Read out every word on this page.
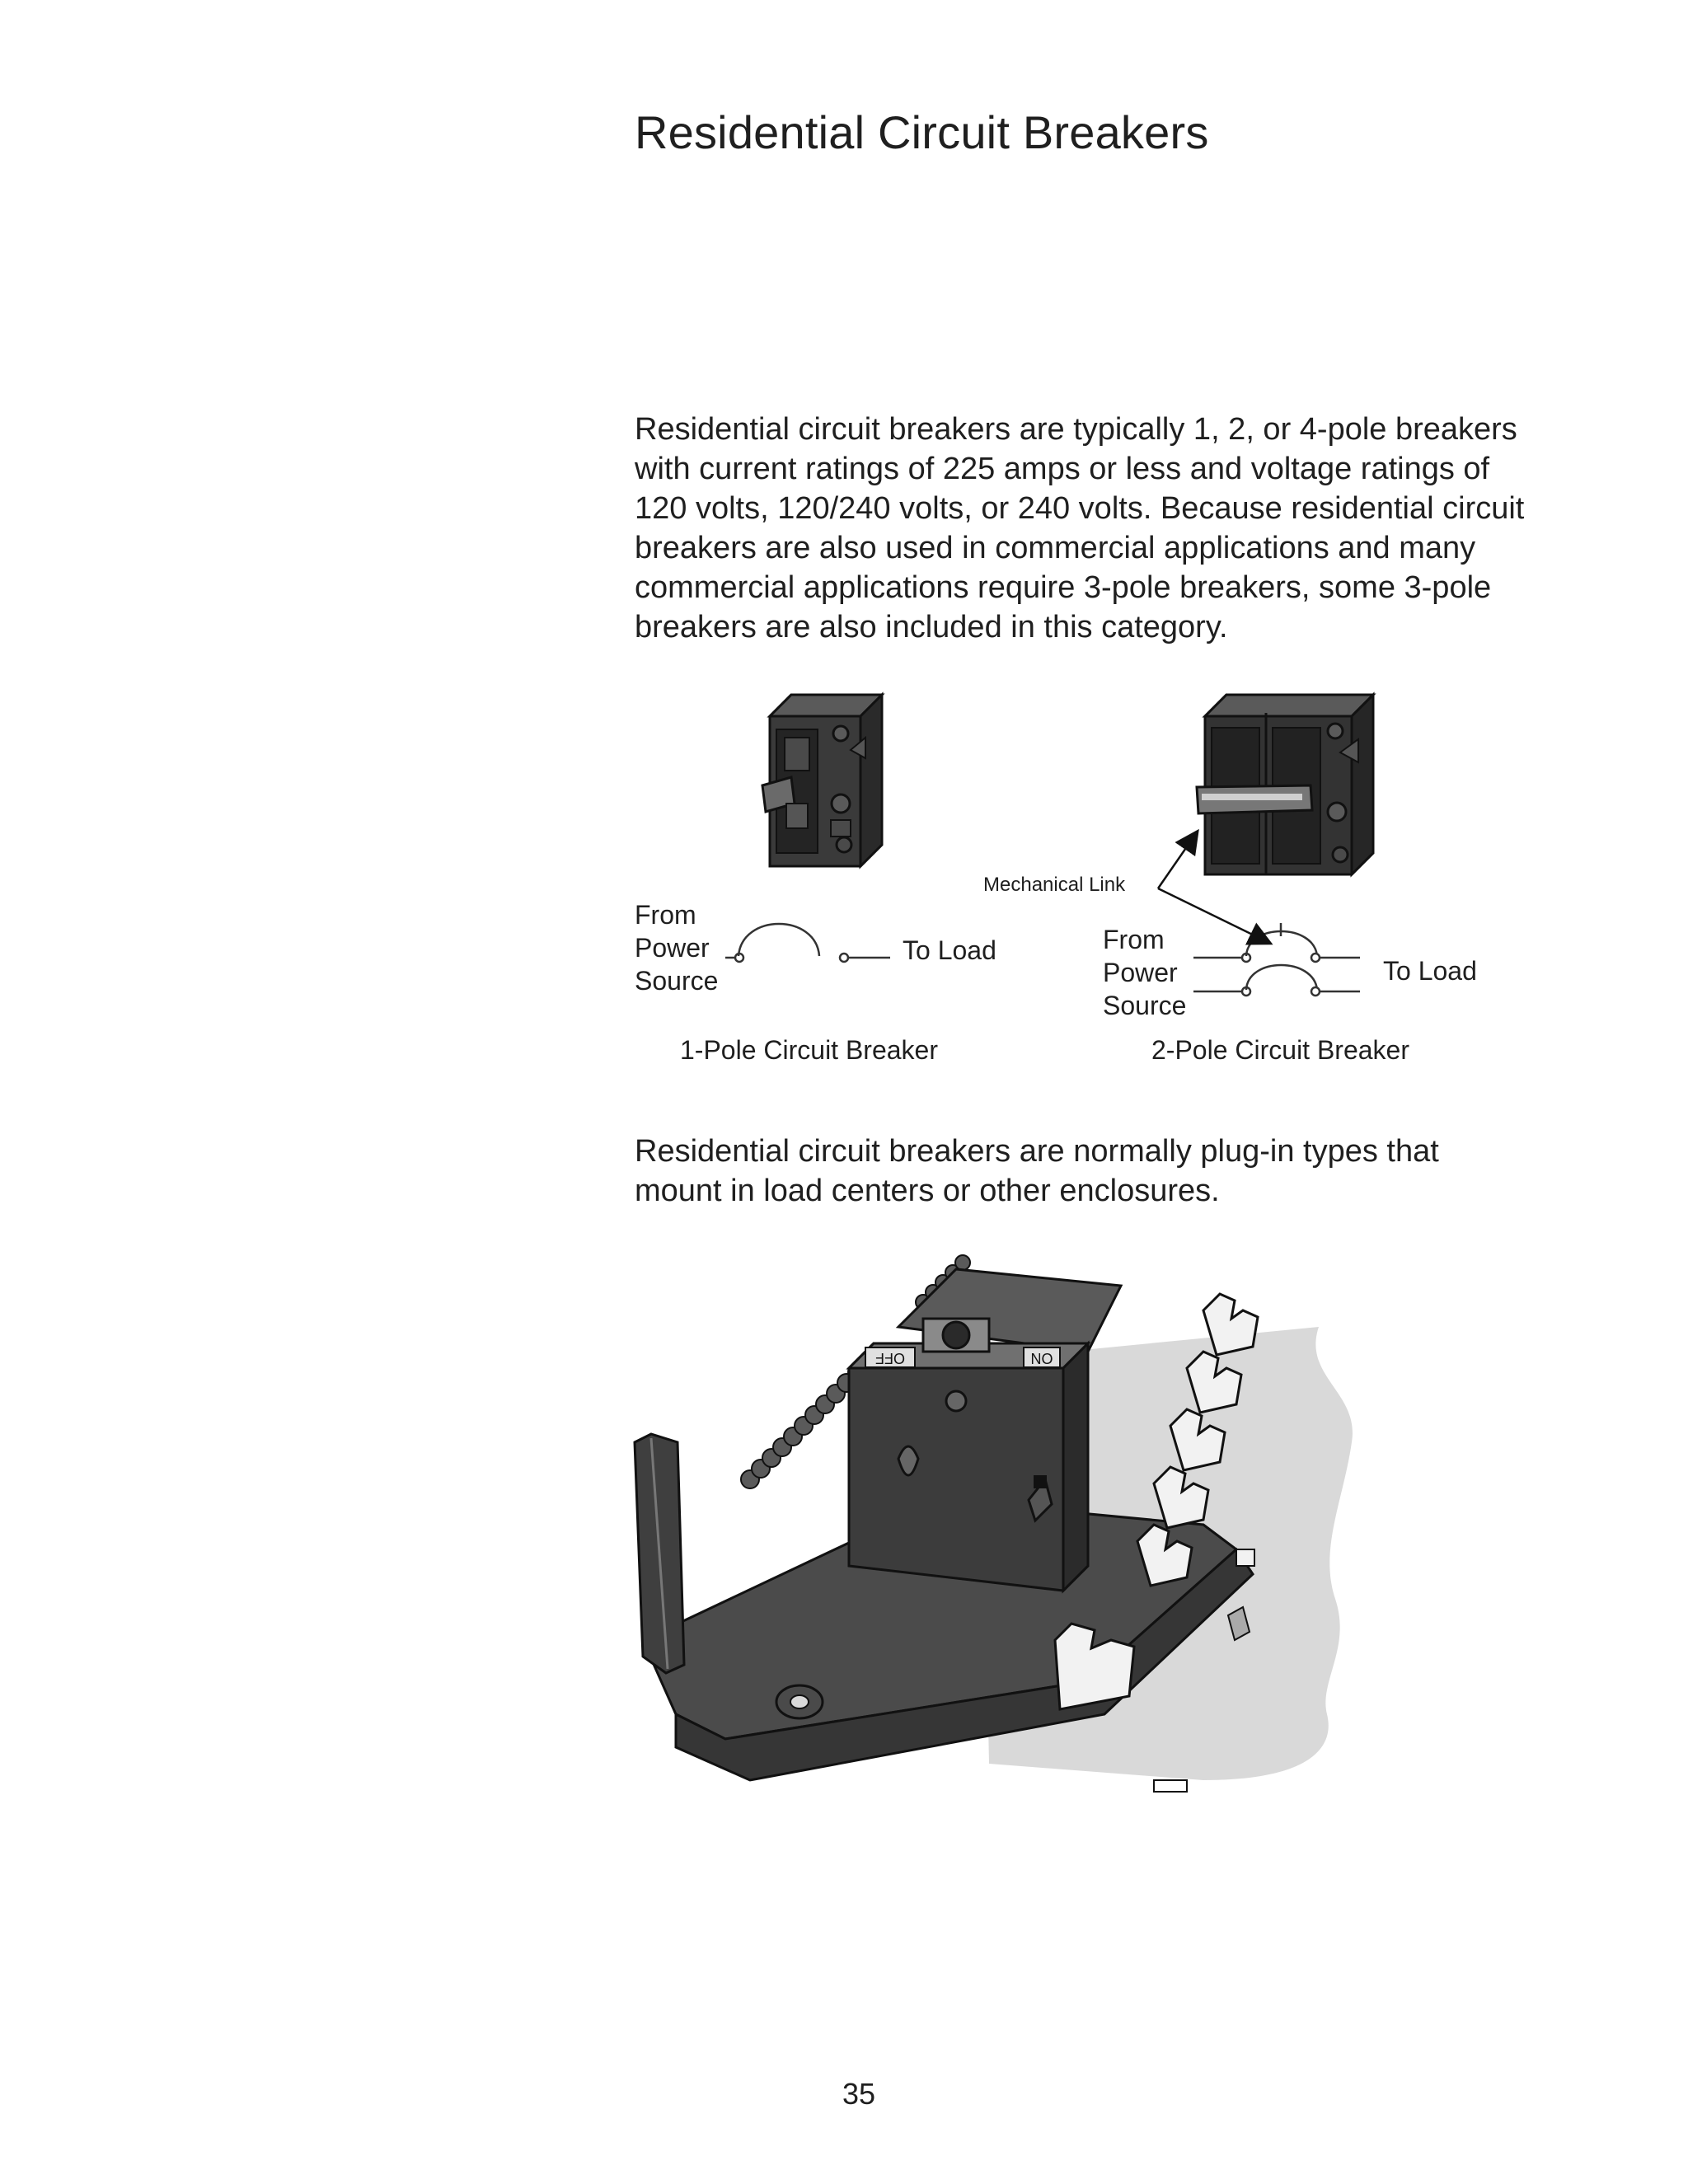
Residential Circuit Breakers
Residential circuit breakers are typically 1, 2, or 4-pole breakers
with current ratings of 225 amps or less and voltage ratings of
120 volts, 120/240 volts, or 240 volts. Because residential circuit
breakers are also used in commercial applications and many
commercial applications require 3-pole breakers, some 3-pole
breakers are also included in this category.
From
Power
Source
To Load
1-Pole Circuit Breaker
Mechanical Link
From
Power
Source
To Load
2-Pole Circuit Breaker
Residential circuit breakers are normally plug-in types that
mount in load centers or other enclosures.
ON
OFF
35
